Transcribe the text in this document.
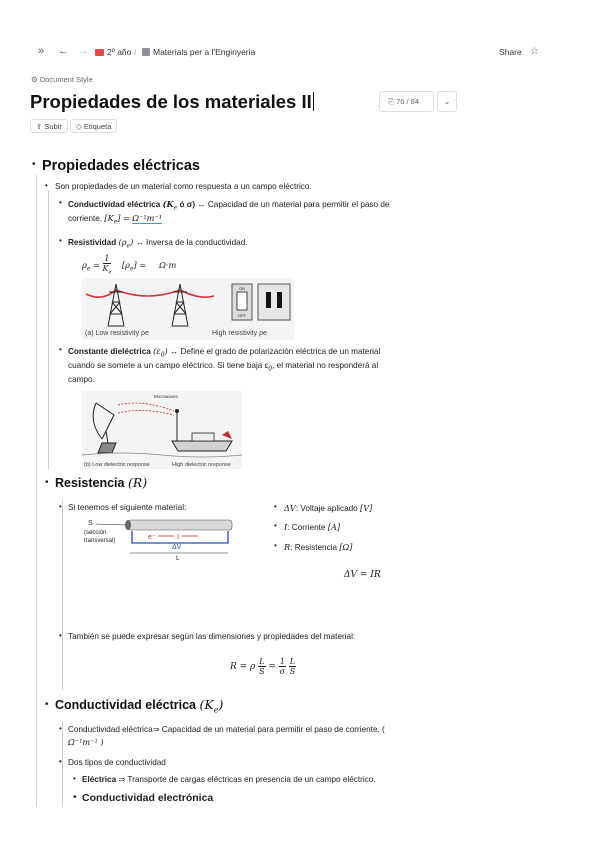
» ← →	2º año /	Materials per a l'Enginyeria	Share ☆
⚙ Document Style
Propiedades de los materiales II	⎘ 76 / 84	⌄
⇪ Subir	◇ Etiqueta
• Propiedades eléctricas
• Son propiedades de un material como respuesta a un campo eléctrico.
• Conductividad eléctrica ($K_e$ ó σ) ↔ Capacidad de un material para permitir el paso de
corriente. $[K_e] = \Omega^{-1}m^{-1}$
• Resistividad $(\rho_e)$ ↔ Inversa de la conductividad.
$\rho_e = \frac{1}{K_e} [\rho_e] = \Omega\cdot m$
ON
OFF
(a) Low resistivity ρe	High resistivity ρe
• Constante dieléctrica $(\varepsilon_0)$ ↔ Define el grado de polarización eléctrica de un material
cuando se somete a un campo eléctrico. Si tiene baja $\varepsilon_0$, el material no responderá al
campo.
Microwaves
(b) Low dielectric response	High dielectric response
• Resistencia (R)
• Si tenemos el siguiente material:
S
(sección
transversal)	e⁻	I
ΔV
L
• ΔV: Voltaje aplicado [V]
• I: Corriente [A]
• R: Resistencia [Ω]
ΔV = IR
• También se puede expresar según las dimensiones y propiedades del material:
R = ρ $\frac{L}{S} = \frac{1}{\sigma}$
$\frac{L}{S}$
• Conductividad eléctrica $(K_e)$
• Conductividad eléctrica⇒ Capacidad de un material para permitir el paso de corriente. (
Ω⁻¹m⁻¹ )
• Dos tipos de conductividad
• Eléctrica ⇒ Transporte de cargas eléctricas en presencia de un campo eléctrico.
• Conductividad electrónica
